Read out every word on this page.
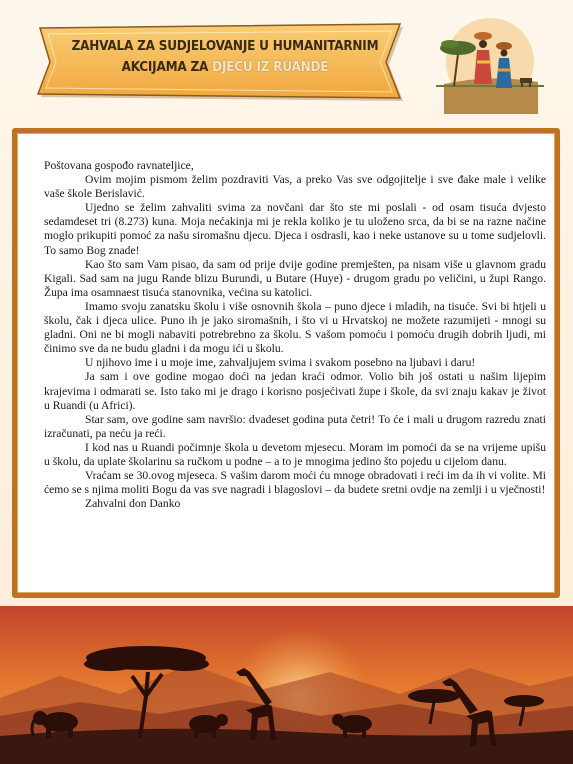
ZAHVALA ZA SUDJELOVANJE U HUMANITARNIM AKCIJAMA ZA DJECU IZ RUANDE

Poštovana gospođo ravnateljice,

Ovim mojim pismom želim pozdraviti Vas, a preko Vas sve odgojitelje i sve đake male i velike vaše škole Berislavić.

Ujedno se želim zahvaliti svima za novčani dar što ste mi poslali - od osam tisuća dvjesto sedamdeset tri (8.273) kuna. Moja nećakinja mi je rekla koliko je tu uloženo srca, da bi se na razne načine moglo prikupiti pomoć za našu siromašnu djecu. Djeca i osdrasli, kao i neke ustanove su u tome sudjelovli. To samo Bog znade!

Kao što sam Vam pisao, da sam od prije dvije godine premješten, pa nisam više u glavnom gradu Kigali. Sad sam na jugu Rande blizu Burundi, u Butare (Huye) - drugom gradu po veličini, u župi Rango. Župa ima osamnaest tisuća stanovnika, većina su katolici.

Imamo svoju zanatsku školu i više osnovnih škola – puno djece i mladih, na tisuće. Svi bi htjeli u školu, čak i djeca ulice. Puno ih je jako siromašnih, i što vi u Hrvatskoj ne možete razumijeti - mnogi su gladni. Oni ne bi mogli nabaviti potrebrebno za školu. S vašom pomoću i pomoću drugih dobrih ljudi, mi činimo sve da ne budu gladni i da mogu ići u školu.

U njihovo ime i u moje ime, zahvaljujem svima i svakom posebno na ljubavi i daru!

Ja sam i ove godine mogao doći na jedan kraći odmor. Volio bih još ostati u našim lijepim krajevima i odmarati se. Isto tako mi je drago i korisno posjećivati župe i škole, da svi znaju kakav je život u Ruandi (u Africi).

Star sam, ove godine sam navršio: dvadeset godina puta četri! To će i mali u drugom razredu znati izračunati, pa neću ja reći.

I kod nas u Ruandi počimnje škola u devetom mjesecu. Moram im pomoći da se na vrijeme upišu u školu, da uplate školarinu sa ručkom u podne – a to je mnogima jedino što pojedu u cijelom danu.

Vraćam se 30.ovog mjeseca. S vašim darom moći ću mnoge obradovati i reći im da ih vi volite. Mi ćemo se s njima moliti Bogu da vas sve nagradi i blagoslovi – da budete sretni ovdje na zemlji i u vječnosti!

Zahvalni don Danko
